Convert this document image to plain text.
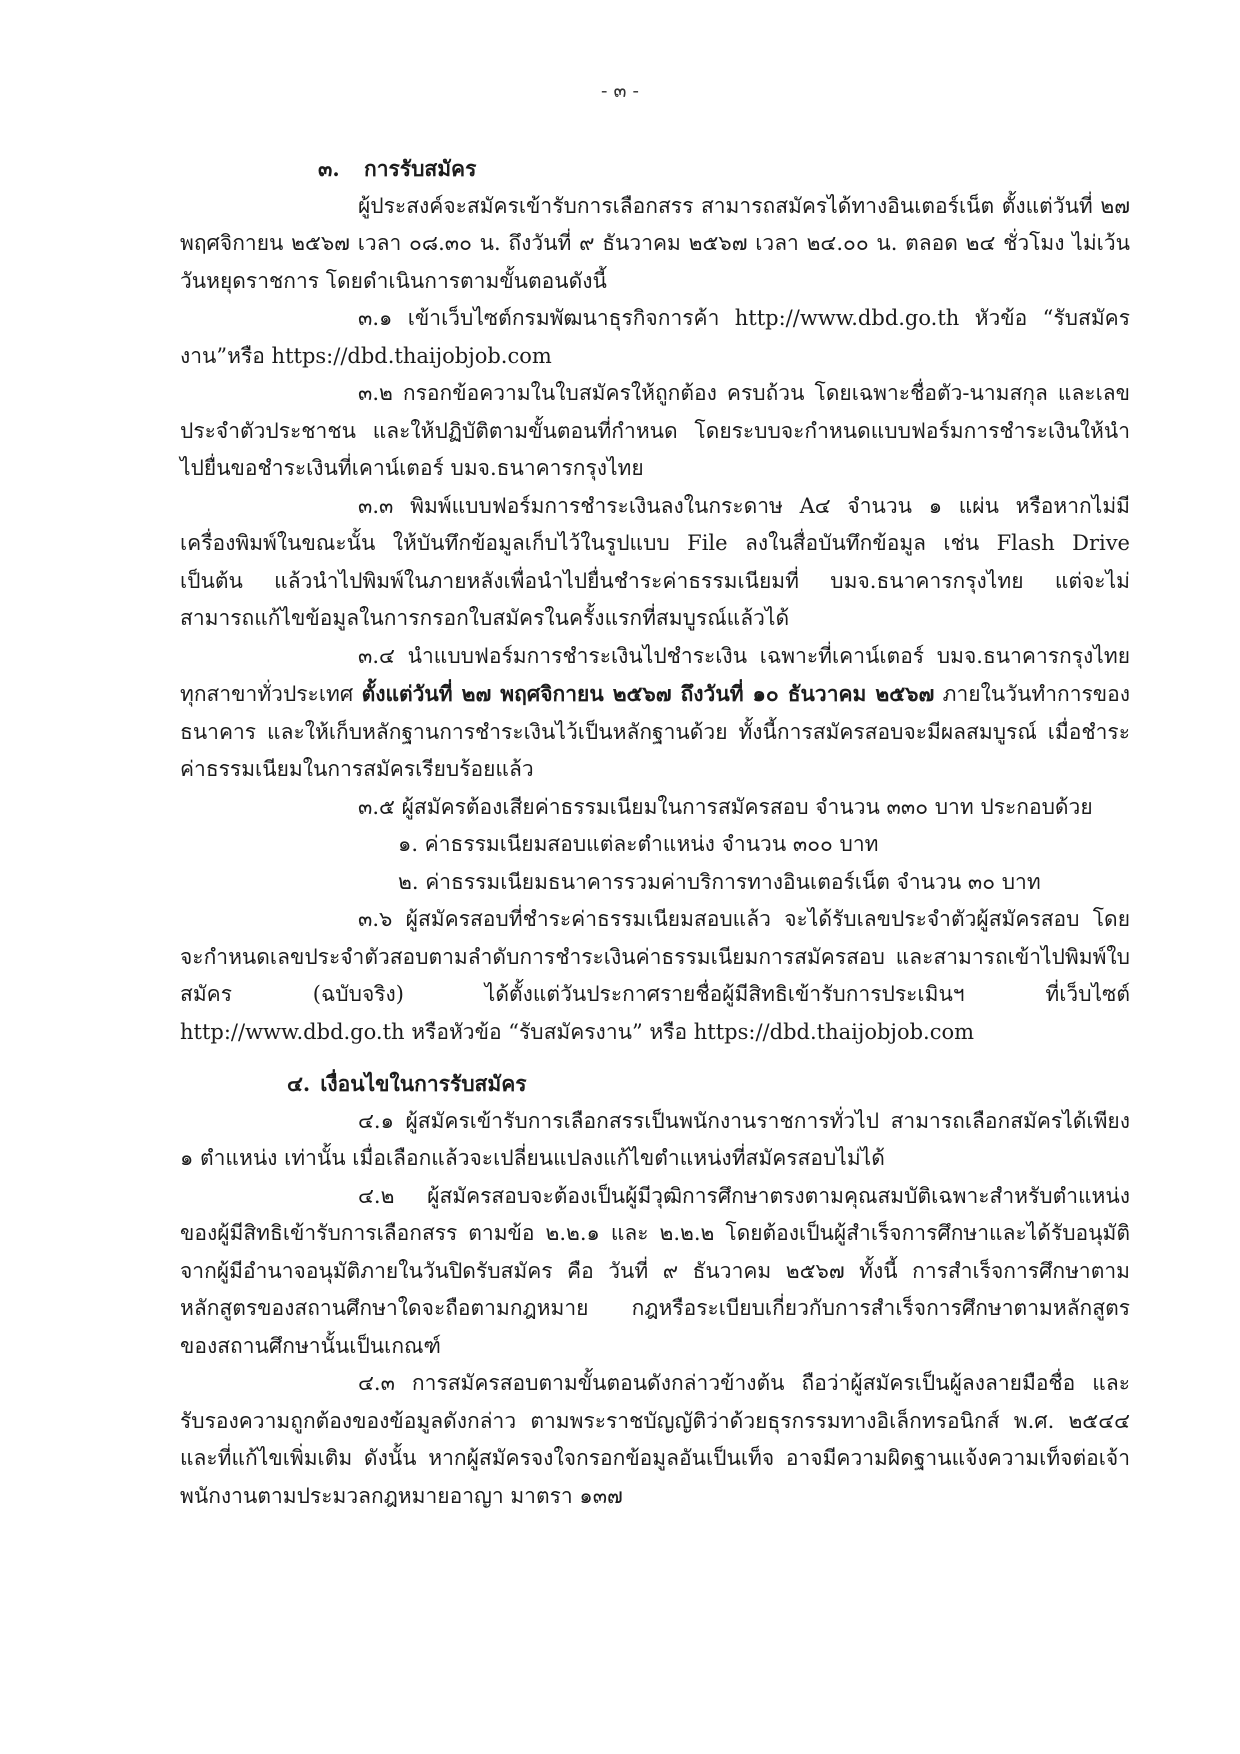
- ๓ -

๓. การรับสมัคร

ผู้ประสงค์จะสมัครเข้ารับการเลือกสรร สามารถสมัครได้ทางอินเตอร์เน็ต ตั้งแต่วันที่ ๒๗ พฤศจิกายน ๒๕๖๗ เวลา ๐๘.๓๐ น. ถึงวันที่ ๙ ธันวาคม ๒๕๖๗ เวลา ๒๔.๐๐ น. ตลอด ๒๔ ชั่วโมง ไม่เว้นวันหยุดราชการ โดยดำเนินการตามขั้นตอนดังนี้

๓.๑ เข้าเว็บไซต์กรมพัฒนาธุรกิจการค้า http://www.dbd.go.th หัวข้อ “รับสมัครงาน”หรือ https://dbd.thaijobjob.com

๓.๒ กรอกข้อความในใบสมัครให้ถูกต้อง ครบถ้วน โดยเฉพาะชื่อตัว-นามสกุล และเลขประจำตัวประชาชน และให้ปฏิบัติตามขั้นตอนที่กำหนด โดยระบบจะกำหนดแบบฟอร์มการชำระเงินให้นำไปยื่นขอชำระเงินที่เคาน์เตอร์ บมจ.ธนาคารกรุงไทย

๓.๓ พิมพ์แบบฟอร์มการชำระเงินลงในกระดาษ A๔ จำนวน ๑ แผ่น หรือหากไม่มีเครื่องพิมพ์ในขณะนั้น ให้บันทึกข้อมูลเก็บไว้ในรูปแบบ File ลงในสื่อบันทึกข้อมูล เช่น Flash Drive เป็นต้น แล้วนำไปพิมพ์ในภายหลังเพื่อนำไปยื่นชำระค่าธรรมเนียมที่ บมจ.ธนาคารกรุงไทย แต่จะไม่สามารถแก้ไขข้อมูลในการกรอกใบสมัครในครั้งแรกที่สมบูรณ์แล้วได้

๓.๔ นำแบบฟอร์มการชำระเงินไปชำระเงิน เฉพาะที่เคาน์เตอร์ บมจ.ธนาคารกรุงไทย ทุกสาขาทั่วประเทศ ตั้งแต่วันที่ ๒๗ พฤศจิกายน ๒๕๖๗ ถึงวันที่ ๑๐ ธันวาคม ๒๕๖๗ ภายในวันทำการของธนาคาร และให้เก็บหลักฐานการชำระเงินไว้เป็นหลักฐานด้วย ทั้งนี้การสมัครสอบจะมีผลสมบูรณ์ เมื่อชำระค่าธรรมเนียมในการสมัครเรียบร้อยแล้ว

๓.๕ ผู้สมัครต้องเสียค่าธรรมเนียมในการสมัครสอบ จำนวน ๓๓๐ บาท ประกอบด้วย

๑. ค่าธรรมเนียมสอบแต่ละตำแหน่ง จำนวน ๓๐๐ บาท

๒. ค่าธรรมเนียมธนาคารรวมค่าบริการทางอินเตอร์เน็ต จำนวน ๓๐ บาท

๓.๖ ผู้สมัครสอบที่ชำระค่าธรรมเนียมสอบแล้ว จะได้รับเลขประจำตัวผู้สมัครสอบ โดยจะกำหนดเลขประจำตัวสอบตามลำดับการชำระเงินค่าธรรมเนียมการสมัครสอบ และสามารถเข้าไปพิมพ์ใบสมัคร (ฉบับจริง) ได้ตั้งแต่วันประกาศรายชื่อผู้มีสิทธิเข้ารับการประเมินฯ ที่เว็บไซต์ http://www.dbd.go.th หรือหัวข้อ “รับสมัครงาน” หรือ https://dbd.thaijobjob.com

๔. เงื่อนไขในการรับสมัคร

๔.๑ ผู้สมัครเข้ารับการเลือกสรรเป็นพนักงานราชการทั่วไป สามารถเลือกสมัครได้เพียง ๑ ตำแหน่ง เท่านั้น เมื่อเลือกแล้วจะเปลี่ยนแปลงแก้ไขตำแหน่งที่สมัครสอบไม่ได้

๔.๒ ผู้สมัครสอบจะต้องเป็นผู้มีวุฒิการศึกษาตรงตามคุณสมบัติเฉพาะสำหรับตำแหน่งของผู้มีสิทธิเข้ารับการเลือกสรร ตามข้อ ๒.๒.๑ และ ๒.๒.๒ โดยต้องเป็นผู้สำเร็จการศึกษาและได้รับอนุมัติจากผู้มีอำนาจอนุมัติภายในวันปิดรับสมัคร คือ วันที่ ๙ ธันวาคม ๒๕๖๗ ทั้งนี้ การสำเร็จการศึกษาตามหลักสูตรของสถานศึกษาใดจะถือตามกฎหมาย กฎหรือระเบียบเกี่ยวกับการสำเร็จการศึกษาตามหลักสูตรของสถานศึกษานั้นเป็นเกณฑ์

๔.๓ การสมัครสอบตามขั้นตอนดังกล่าวข้างต้น ถือว่าผู้สมัครเป็นผู้ลงลายมือชื่อ และรับรองความถูกต้องของข้อมูลดังกล่าว ตามพระราชบัญญัติว่าด้วยธุรกรรมทางอิเล็กทรอนิกส์ พ.ศ. ๒๕๔๔ และที่แก้ไขเพิ่มเติม ดังนั้น หากผู้สมัครจงใจกรอกข้อมูลอันเป็นเท็จ อาจมีความผิดฐานแจ้งความเท็จต่อเจ้าพนักงานตามประมวลกฎหมายอาญา มาตรา ๑๓๗
